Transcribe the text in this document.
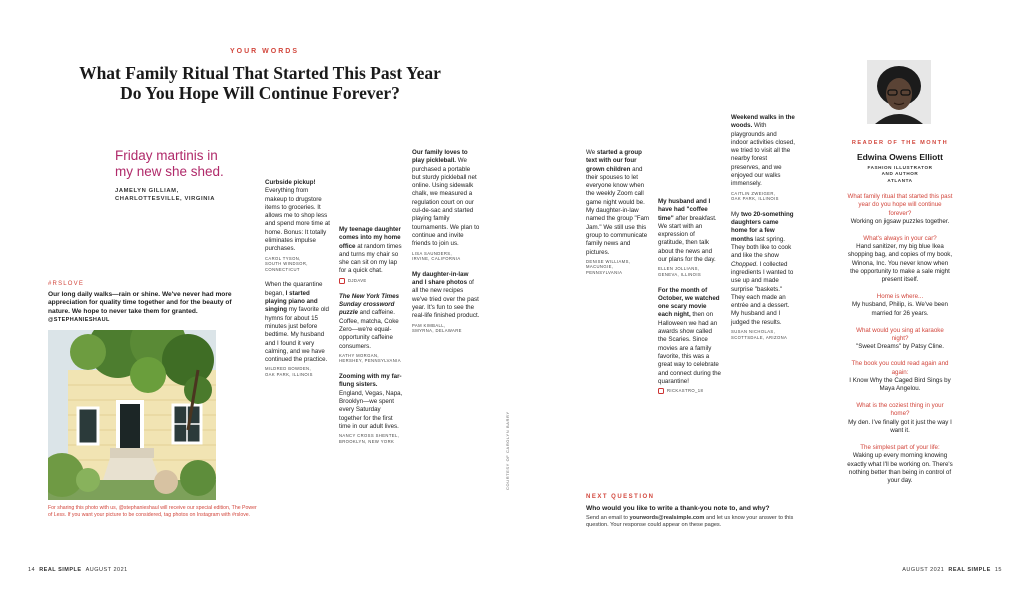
YOUR WORDS
What Family Ritual That Started This Past Year
Do You Hope Will Continue Forever?
Friday martinis in
my new she shed.
JAMELYN GILLIAM,
CHARLOTTESVILLE, VIRGINIA
#RSLOVE
Our long daily walks—rain or shine. We've never had more appreciation for quality time together and for the beauty of nature. We hope to never take them for granted. @STEPHANIESHAUL
For sharing this photo with us, @stephanieshaul will receive our special edition, The Power of Less. If you want your picture to be considered, tag photos on Instagram with #rslove.
Curbside pickup! Everything from makeup to drugstore items to groceries. It allows me to shop less and spend more time at home. Bonus: It totally eliminates impulse purchases.
CAROL TYSON,
SOUTH WINDSOR,
CONNECTICUT
When the quarantine began, I started playing piano and singing my favorite old hymns for about 15 minutes just before bedtime. My husband and I found it very calming, and we have continued the practice.
MILDRED BOWDEN,
OAK PARK, ILLINOIS
My teenage daughter comes into my home office at random times and turns my chair so she can sit on my lap for a quick chat.
DJDAVE
The New York Times Sunday crossword puzzle and caffeine. Coffee, matcha, Coke Zero—we're equal-opportunity caffeine consumers.
KATHY MORGAN,
HERSHEY, PENNSYLVANIA
Zooming with my far-flung sisters. England, Vegas, Napa, Brooklyn—we spent every Saturday together for the first time in our adult lives.
NANCY CROSS SHENTEL,
BROOKLYN, NEW YORK
Our family loves to play pickleball. We purchased a portable but sturdy pickleball net online. Using sidewalk chalk, we measured a regulation court on our cul-de-sac and started playing family tournaments. We plan to continue and invite friends to join us.
LISA SAUNDERS,
IRVINE, CALIFORNIA
My daughter-in-law and I share photos of all the new recipes we've tried over the past year. It's fun to see the real-life finished product.
PAM KIMBALL,
SMYRNA, DELAWARE
COURTESY OF CAROLYN BARRY
We started a group text with our four grown children and their spouses to let everyone know when the weekly Zoom call game night would be. My daughter-in-law named the group "Fam Jam." We still use this group to communicate family news and pictures.
DENISE WILLIAMS,
MACUNGIE,
PENNSYLVANIA
My husband and I have had "coffee time" after breakfast. We start with an expression of gratitude, then talk about the news and our plans for the day.
ELLEN JOLLIANS,
GENEVA, ILLINOIS
For the month of October, we watched one scary movie each night, then on Halloween we had an awards show called the Scaries. Since movies are a family favorite, this was a great way to celebrate and connect during the quarantine!
RICKASTRO_18
Weekend walks in the woods. With playgrounds and indoor activities closed, we tried to visit all the nearby forest preserves, and we enjoyed our walks immensely.
CAITLIN ZWEIGER,
OAK PARK, ILLINOIS
My two 20-something daughters came home for a few months last spring. They both like to cook and like the show Chopped. I collected ingredients I wanted to use up and made surprise "baskets." They each made an entrée and a dessert. My husband and I judged the results.
SUSAN NICHOLAS,
SCOTTSDALE, ARIZONA
NEXT QUESTION
Who would you like to write a thank-you note to, and why?
Send an email to yourwords@realsimple.com and let us know your answer to this question. Your response could appear on these pages.
READER OF THE MONTH
Edwina Owens Elliott
FASHION ILLUSTRATOR
AND AUTHOR
ATLANTA
What family ritual that started this past year do you hope will continue forever?
Working on jigsaw puzzles together.
What's always in your car?
Hand sanitizer, my big blue Ikea shopping bag, and copies of my book, Winona, Inc. You never know when the opportunity to make a sale might present itself.
Home is where...
My husband, Philip, is. We've been married for 26 years.
What would you sing at karaoke night?
"Sweet Dreams" by Patsy Cline.
The book you could read again and again:
I Know Why the Caged Bird Sings by Maya Angelou.
What is the coziest thing in your home?
My den. I've finally got it just the way I want it.
The simplest part of your life:
Waking up every morning knowing exactly what I'll be working on. There's nothing better than being in control of your day.
14 REAL SIMPLE AUGUST 2021	AUGUST 2021 REAL SIMPLE 15
